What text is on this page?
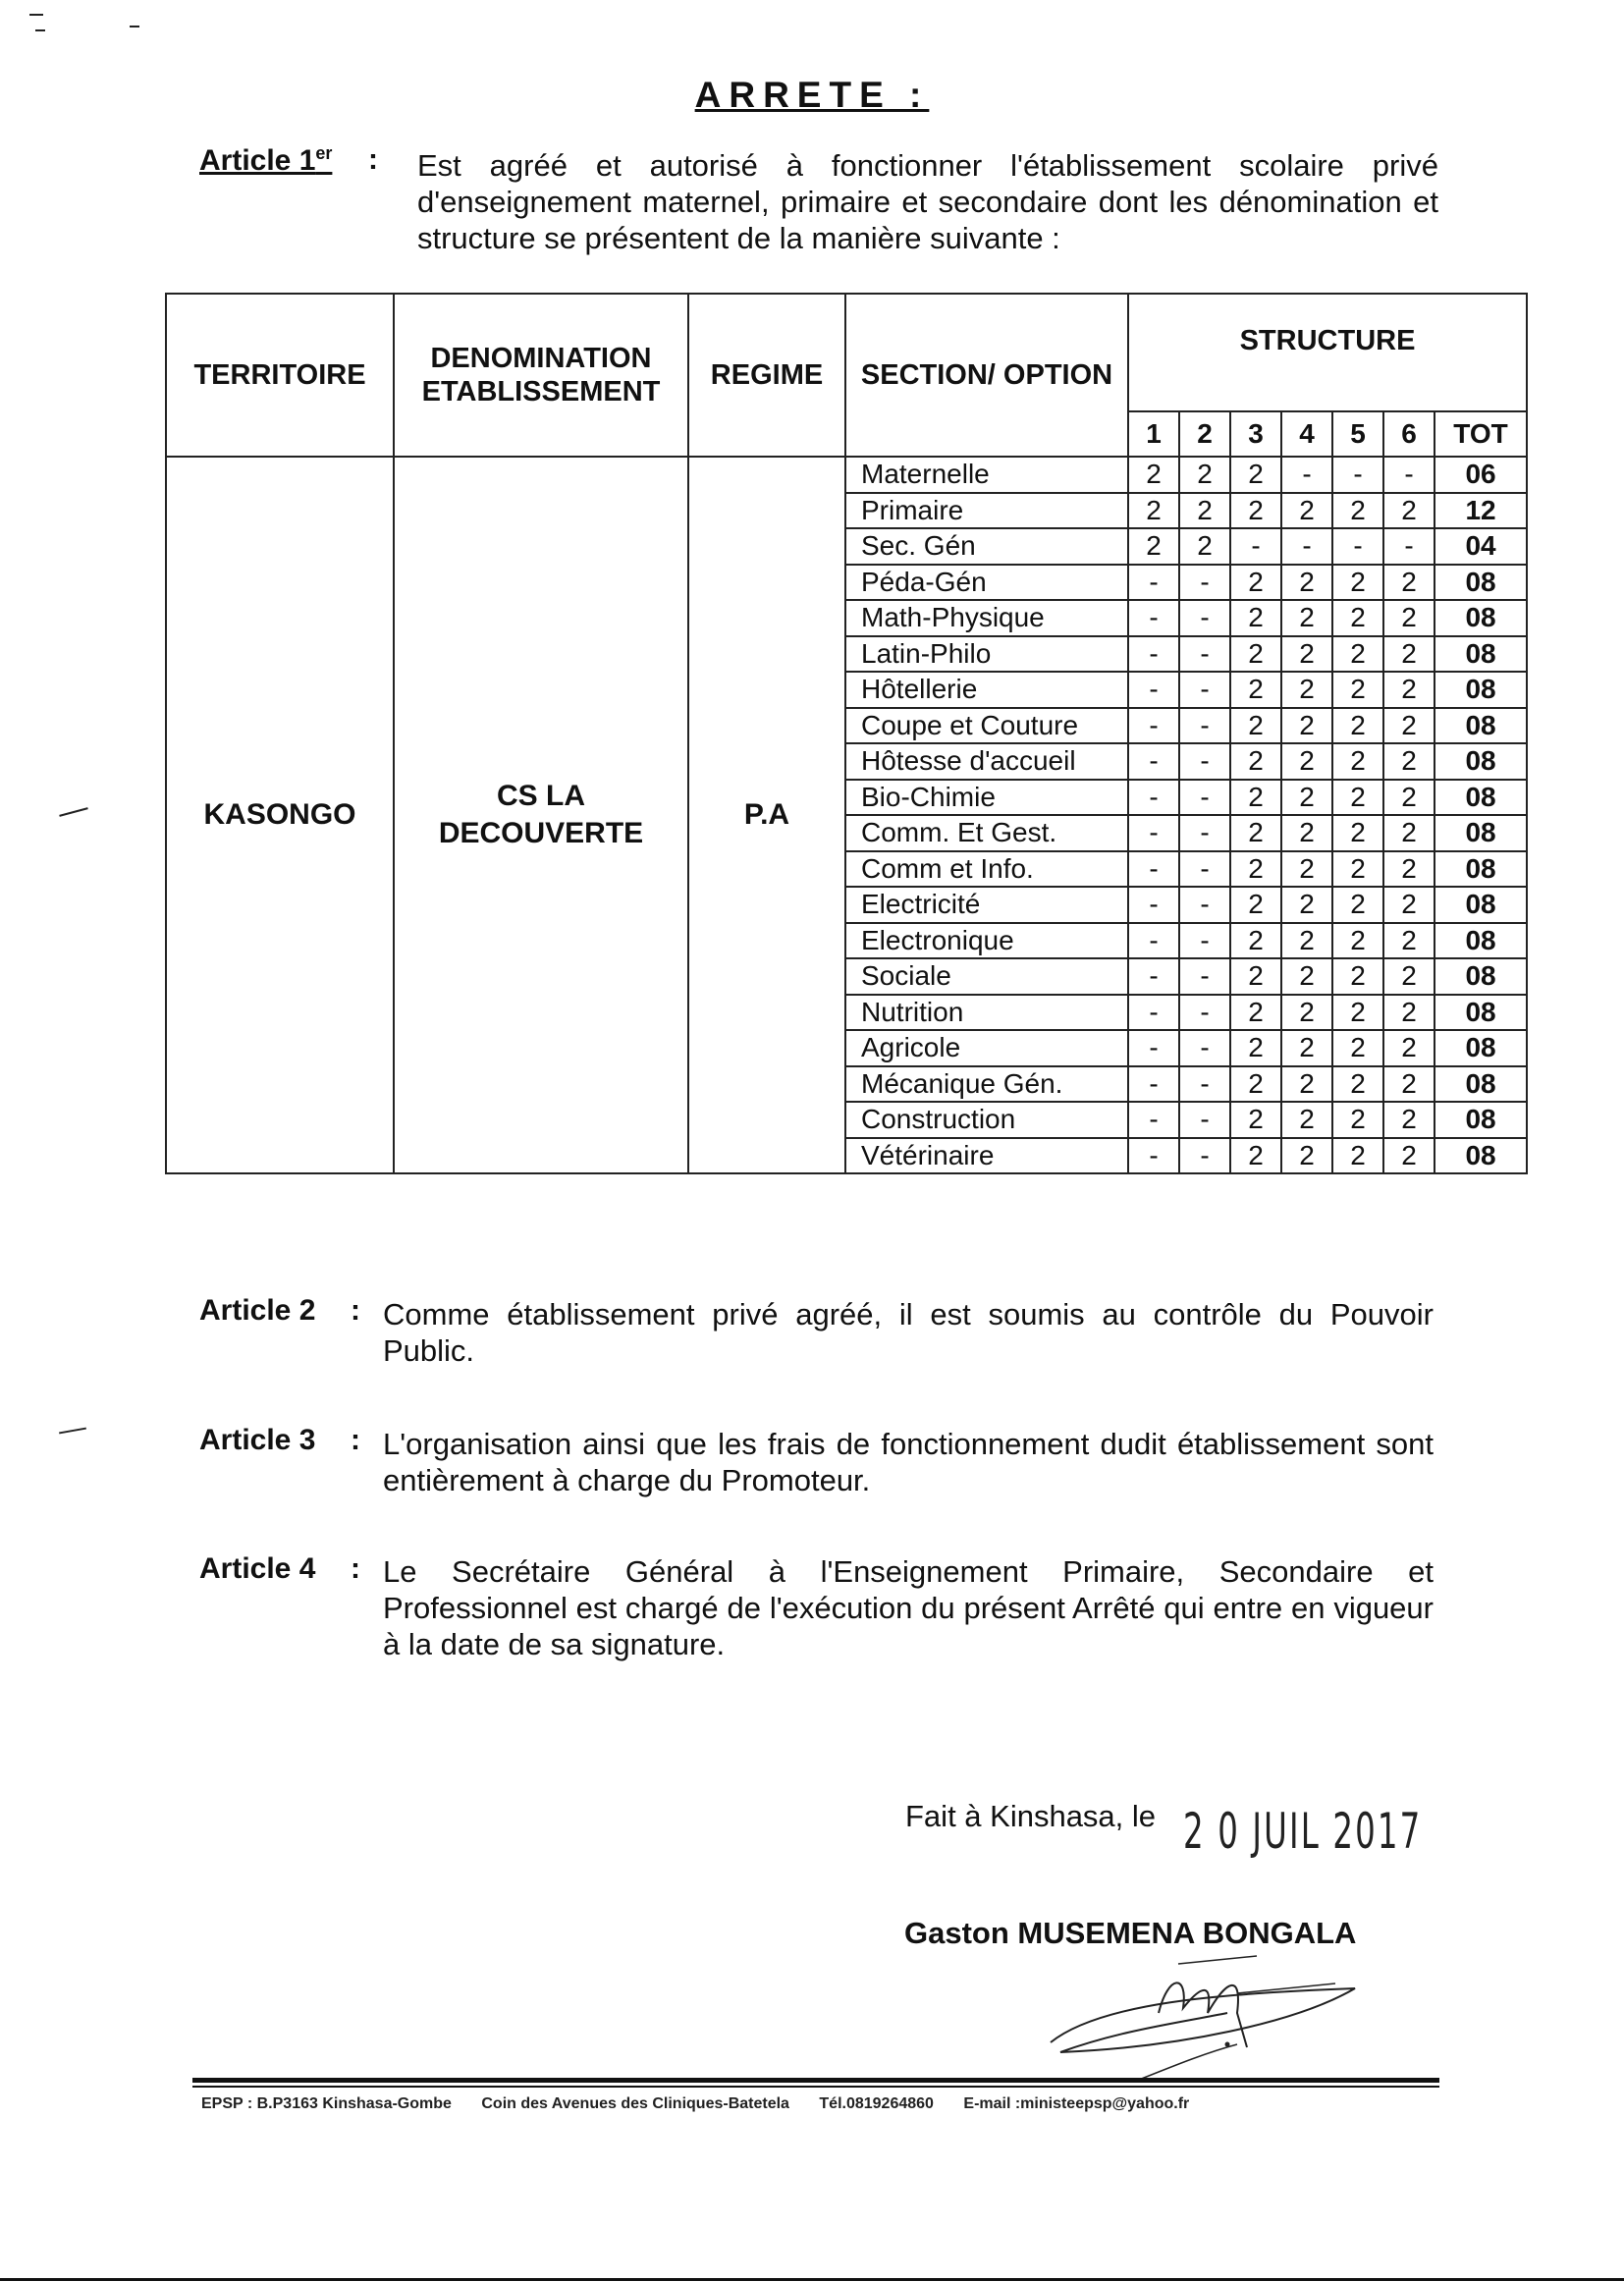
ARRETE :
Article 1er : Est agréé et autorisé à fonctionner l'établissement scolaire privé d'enseignement maternel, primaire et secondaire dont les dénomination et structure se présentent de la manière suivante :
TERRITOIRE	DENOMINATION ETABLISSEMENT	REGIME	SECTION/ OPTION	STRUCTURE						
				1	2	3	4	5	6	TOT
KASONGO	CS LA DECOUVERTE	P.A	Maternelle	2	2	2	-	-	-	06
			Primaire	2	2	2	2	2	2	12
			Sec. Gén	2	2	-	-	-	-	04
			Péda-Gén	-	-	2	2	2	2	08
			Math-Physique	-	-	2	2	2	2	08
			Latin-Philo	-	-	2	2	2	2	08
			Hôtellerie	-	-	2	2	2	2	08
			Coupe et Couture	-	-	2	2	2	2	08
			Hôtesse d'accueil	-	-	2	2	2	2	08
			Bio-Chimie	-	-	2	2	2	2	08
			Comm. Et Gest.	-	-	2	2	2	2	08
			Comm et Info.	-	-	2	2	2	2	08
			Electricité	-	-	2	2	2	2	08
			Electronique	-	-	2	2	2	2	08
			Sociale	-	-	2	2	2	2	08
			Nutrition	-	-	2	2	2	2	08
			Agricole	-	-	2	2	2	2	08
			Mécanique Gén.	-	-	2	2	2	2	08
			Construction	-	-	2	2	2	2	08
			Vétérinaire	-	-	2	2	2	2	08
Article 2 : Comme établissement privé agréé, il est soumis au contrôle du Pouvoir Public.
Article 3 : L'organisation ainsi que les frais de fonctionnement dudit établissement sont entièrement à charge du Promoteur.
Article 4 : Le Secrétaire Général à l'Enseignement Primaire, Secondaire et Professionnel est chargé de l'exécution du présent Arrêté qui entre en vigueur à la date de sa signature.
Fait à Kinshasa, le 2 0 JUIL 2017
Gaston MUSEMENA BONGALA
EPSP : B.P3163 Kinshasa-Gombe Coin des Avenues des Cliniques-Batetela Tél.0819264860 E-mail :ministeepsp@yahoo.fr
